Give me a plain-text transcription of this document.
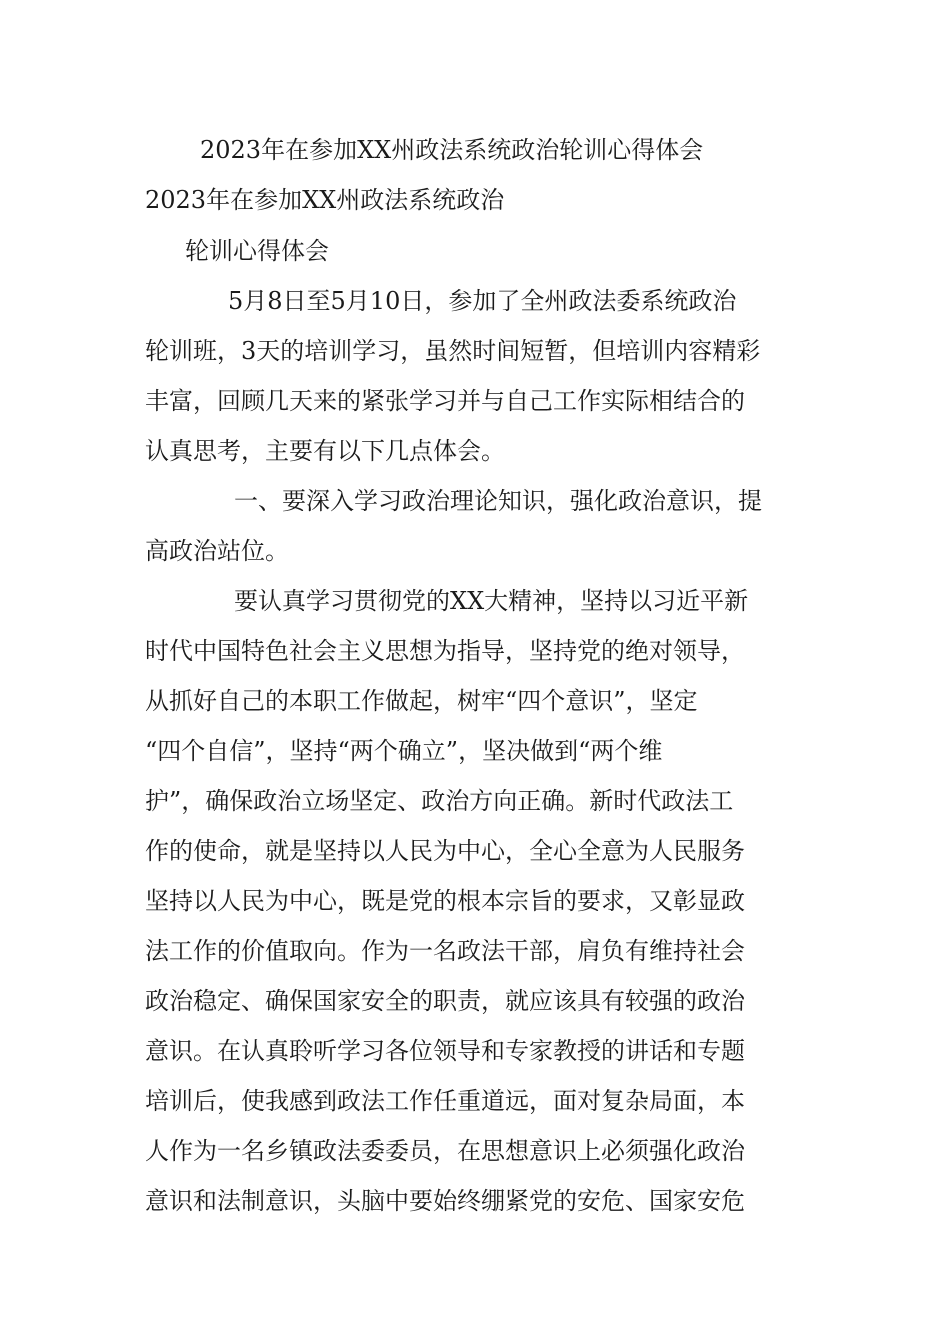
2023年在参加XX州政法系统政治轮训心得体会
2023年在参加XX州政法系统政治
轮训心得体会
5月8日至5月10日，参加了全州政法委系统政治
轮训班，3天的培训学习，虽然时间短暂，但培训内容精彩
丰富，回顾几天来的紧张学习并与自己工作实际相结合的
认真思考，主要有以下几点体会。
一、要深入学习政治理论知识，强化政治意识，提
高政治站位。
要认真学习贯彻党的XX大精神，坚持以习近平新
时代中国特色社会主义思想为指导，坚持党的绝对领导，
从抓好自己的本职工作做起，树牢“四个意识”，坚定
“四个自信”，坚持“两个确立”，坚决做到“两个维
护”，确保政治立场坚定、政治方向正确。新时代政法工
作的使命，就是坚持以人民为中心，全心全意为人民服务
坚持以人民为中心，既是党的根本宗旨的要求，又彰显政
法工作的价值取向。作为一名政法干部，肩负有维持社会
政治稳定、确保国家安全的职责，就应该具有较强的政治
意识。在认真聆听学习各位领导和专家教授的讲话和专题
培训后，使我感到政法工作任重道远，面对复杂局面，本
人作为一名乡镇政法委委员，在思想意识上必须强化政治
意识和法制意识，头脑中要始终绷紧党的安危、国家安危
